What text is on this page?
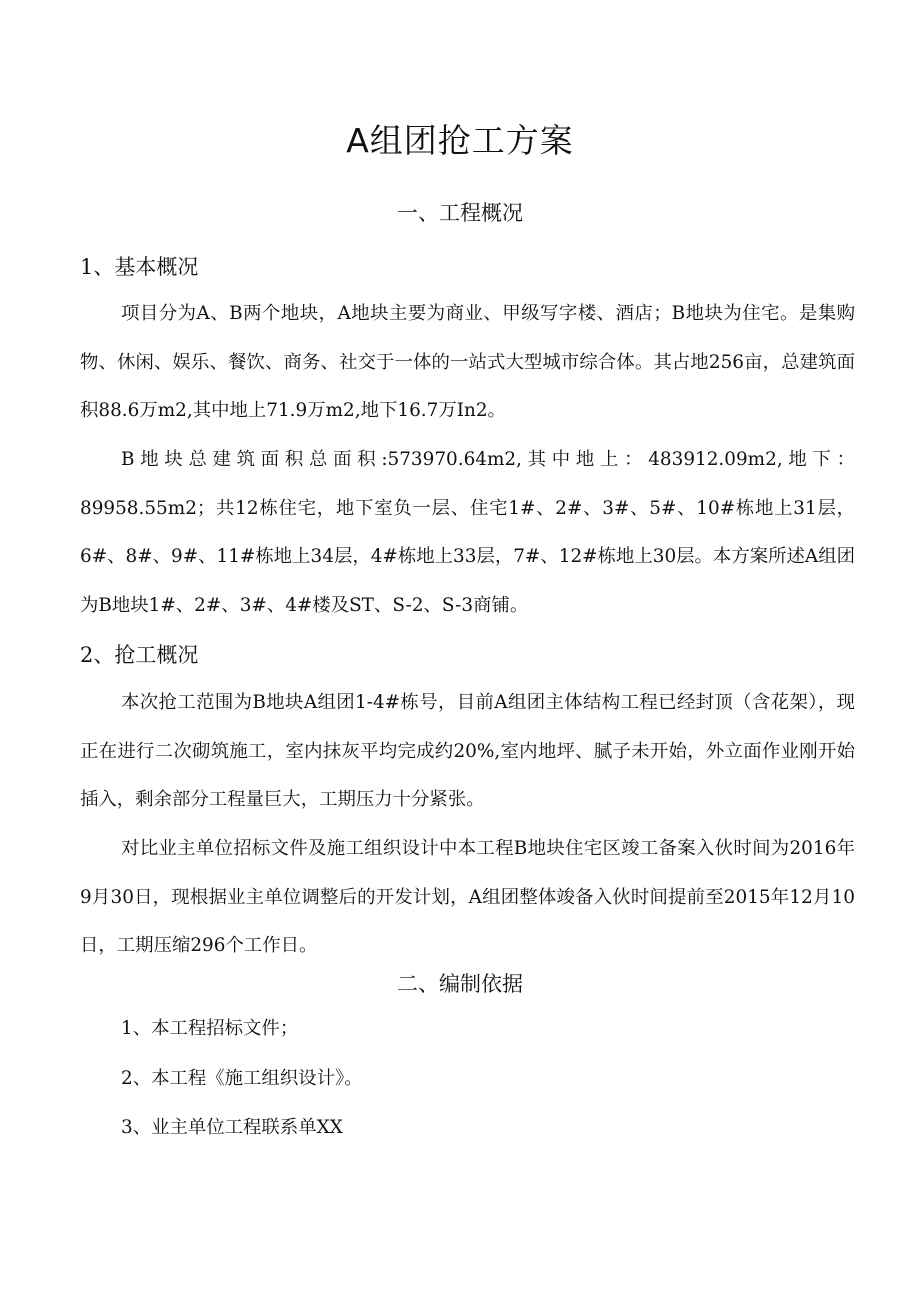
A组团抢工方案
一、工程概况
1、基本概况

项目分为A、B两个地块，A地块主要为商业、甲级写字楼、酒店；B地块为住宅。是集购物、休闲、娱乐、餐饮、商务、社交于一体的一站式大型城市综合体。其占地256亩，总建筑面积88.6万m2,其中地上71.9万m2,地下16.7万In2。

B地块总建筑面积总面积:573970.64m2,其中地上：483912.09m2,地下：89958.55m2；共12栋住宅，地下室负一层、住宅1#、2#、3#、5#、10#栋地上31层，6#、8#、9#、11#栋地上34层，4#栋地上33层，7#、12#栋地上30层。本方案所述A组团为B地块1#、2#、3#、4#楼及ST、S-2、S-3商铺。

2、抢工概况

本次抢工范围为B地块A组团1-4#栋号，目前A组团主体结构工程已经封顶（含花架），现正在进行二次砌筑施工，室内抹灰平均完成约20%,室内地坪、腻子未开始，外立面作业刚开始插入，剩余部分工程量巨大，工期压力十分紧张。

对比业主单位招标文件及施工组织设计中本工程B地块住宅区竣工备案入伙时间为2016年9月30日，现根据业主单位调整后的开发计划，A组团整体竣备入伙时间提前至2015年12月10日，工期压缩296个工作日。

二、编制依据

1、本工程招标文件；

2、本工程《施工组织设计》。

3、业主单位工程联系单XX
